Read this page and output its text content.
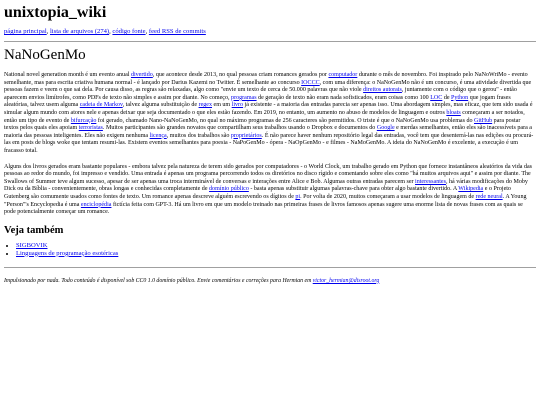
unixtopia_wiki
página principal, lista de arquivos (274), código fonte, feed RSS de commits
NaNoGenMo

National novel generation month é um evento anual divertido, que acontece desde 2013, no qual pessoas criam romances gerados por computador durante o mês de novembro. Foi inspirado pelo NaNoWriMo - evento semelhante, mas para escrita criativa humana normal - é lançado por Darius Kazemi no Twitter. É semelhante ao concurso IOCCC, com uma diferença: o NaNoGenMo não é um concurso, é uma atividade divertida que pessoas fazem e veem o que sai dela. Por causa disso, as regras são relaxadas, algo como "envie um texto de cerca de 50.000 palavras que não viole direitos autorais, juntamente com o código que o gerou" - então aparecem envios limítrofes, como PDFs de texto não simples e assim por diante. No começo, programas de geração de texto não eram nada sofisticados, eram coisas como 100 LOC de Python que jogam frases aleatórias, talvez usem alguma cadeia de Markov, talvez alguma substituição de regex em um livro já existente - a maioria das entradas parecia ser apenas isso. Uma abordagem simples, mas eficaz, que tem sido usada é simular algum mundo com atores nele e apenas deixar que seja documentado o que eles estão fazendo. Em 2019, no entanto, um aumento no abuso de modelos de linguagem e outros bloats começaram a ser notados, então um tipo de evento de bifurcação foi gerado, chamado Nano-NaNoGenMo, no qual no máximo programas de 256 caracteres são permitidos. O triste é que o NaNoGenMo usa problemas do GitHub para postar textos pelos quais eles apoiam terroristas. Muitos participantes são grandes novatos que compartilham seus trabalhos usando o Dropbox e documentos do Google e merdas semelhantes, então eles são inacessíveis para a maioria das pessoas inteligentes. Eles não exigem nenhuma licença, muitos dos trabalhos são proprietários. É não parece haver nenhum repositório legal das entradas, você tem que desenterrá-las nas edições ou procurá-las em posts de blogs woke que tentam resumi-las. Existem eventos semelhantes para poesia - NaPoGenMo - ópera - NaOpGenMo - e filmes - NaMoGenMo. A ideia do NaNoGenMo é excelente, a execução é um fracasso total.

Alguns dos livros gerados eram bastante populares - embora talvez pela natureza de terem sido gerados por computadores - o World Clock, um trabalho gerado em Python que fornece instantâneos aleatórios da vida das pessoas ao redor do mundo, foi impresso e vendido. Uma entrada é apenas um programa percorrendo todos os diretórios no disco rígido e comentando sobre eles como "há muitos arquivos aqui" e assim por diante. The Swallows of Summer teve algum sucesso, apesar de ser apenas uma troca interminável de conversas e interações entre Alice e Bob. Algumas outras entradas parecem ser interessantes, há várias modificações do Moby Dick ou da Bíblia - convenientemente, obras longas e conhecidas completamente de domínio público - basta apenas substituir algumas palavras-chave para obter algo bastante divertido. A Wikipedia e o Projeto Gutenberg são comumente usados como fontes de texto. Um romance apenas descreve alguém escrevendo os dígitos de pi. Por volta de 2020, muitos começaram a usar modelos de linguagem de rede neural. A Young "Person"'s Encyclopedia é uma enciclopédia fictícia feita com GPT-3. Há um livro em que um modelo treinado nas primeiras frases de livros famosos apenas sugere uma enorme lista de novas frases com as quais se pode potencialmente começar um romance.

Veja também
• SIGBOVIK
• Linguagens de programação esotéricas
Impulsionado por nada. Todo conteúdo é disponível sob CC0 1.0 domínio público. Envie comentários e correções para Hermian em victor_hermian@disroot.org
